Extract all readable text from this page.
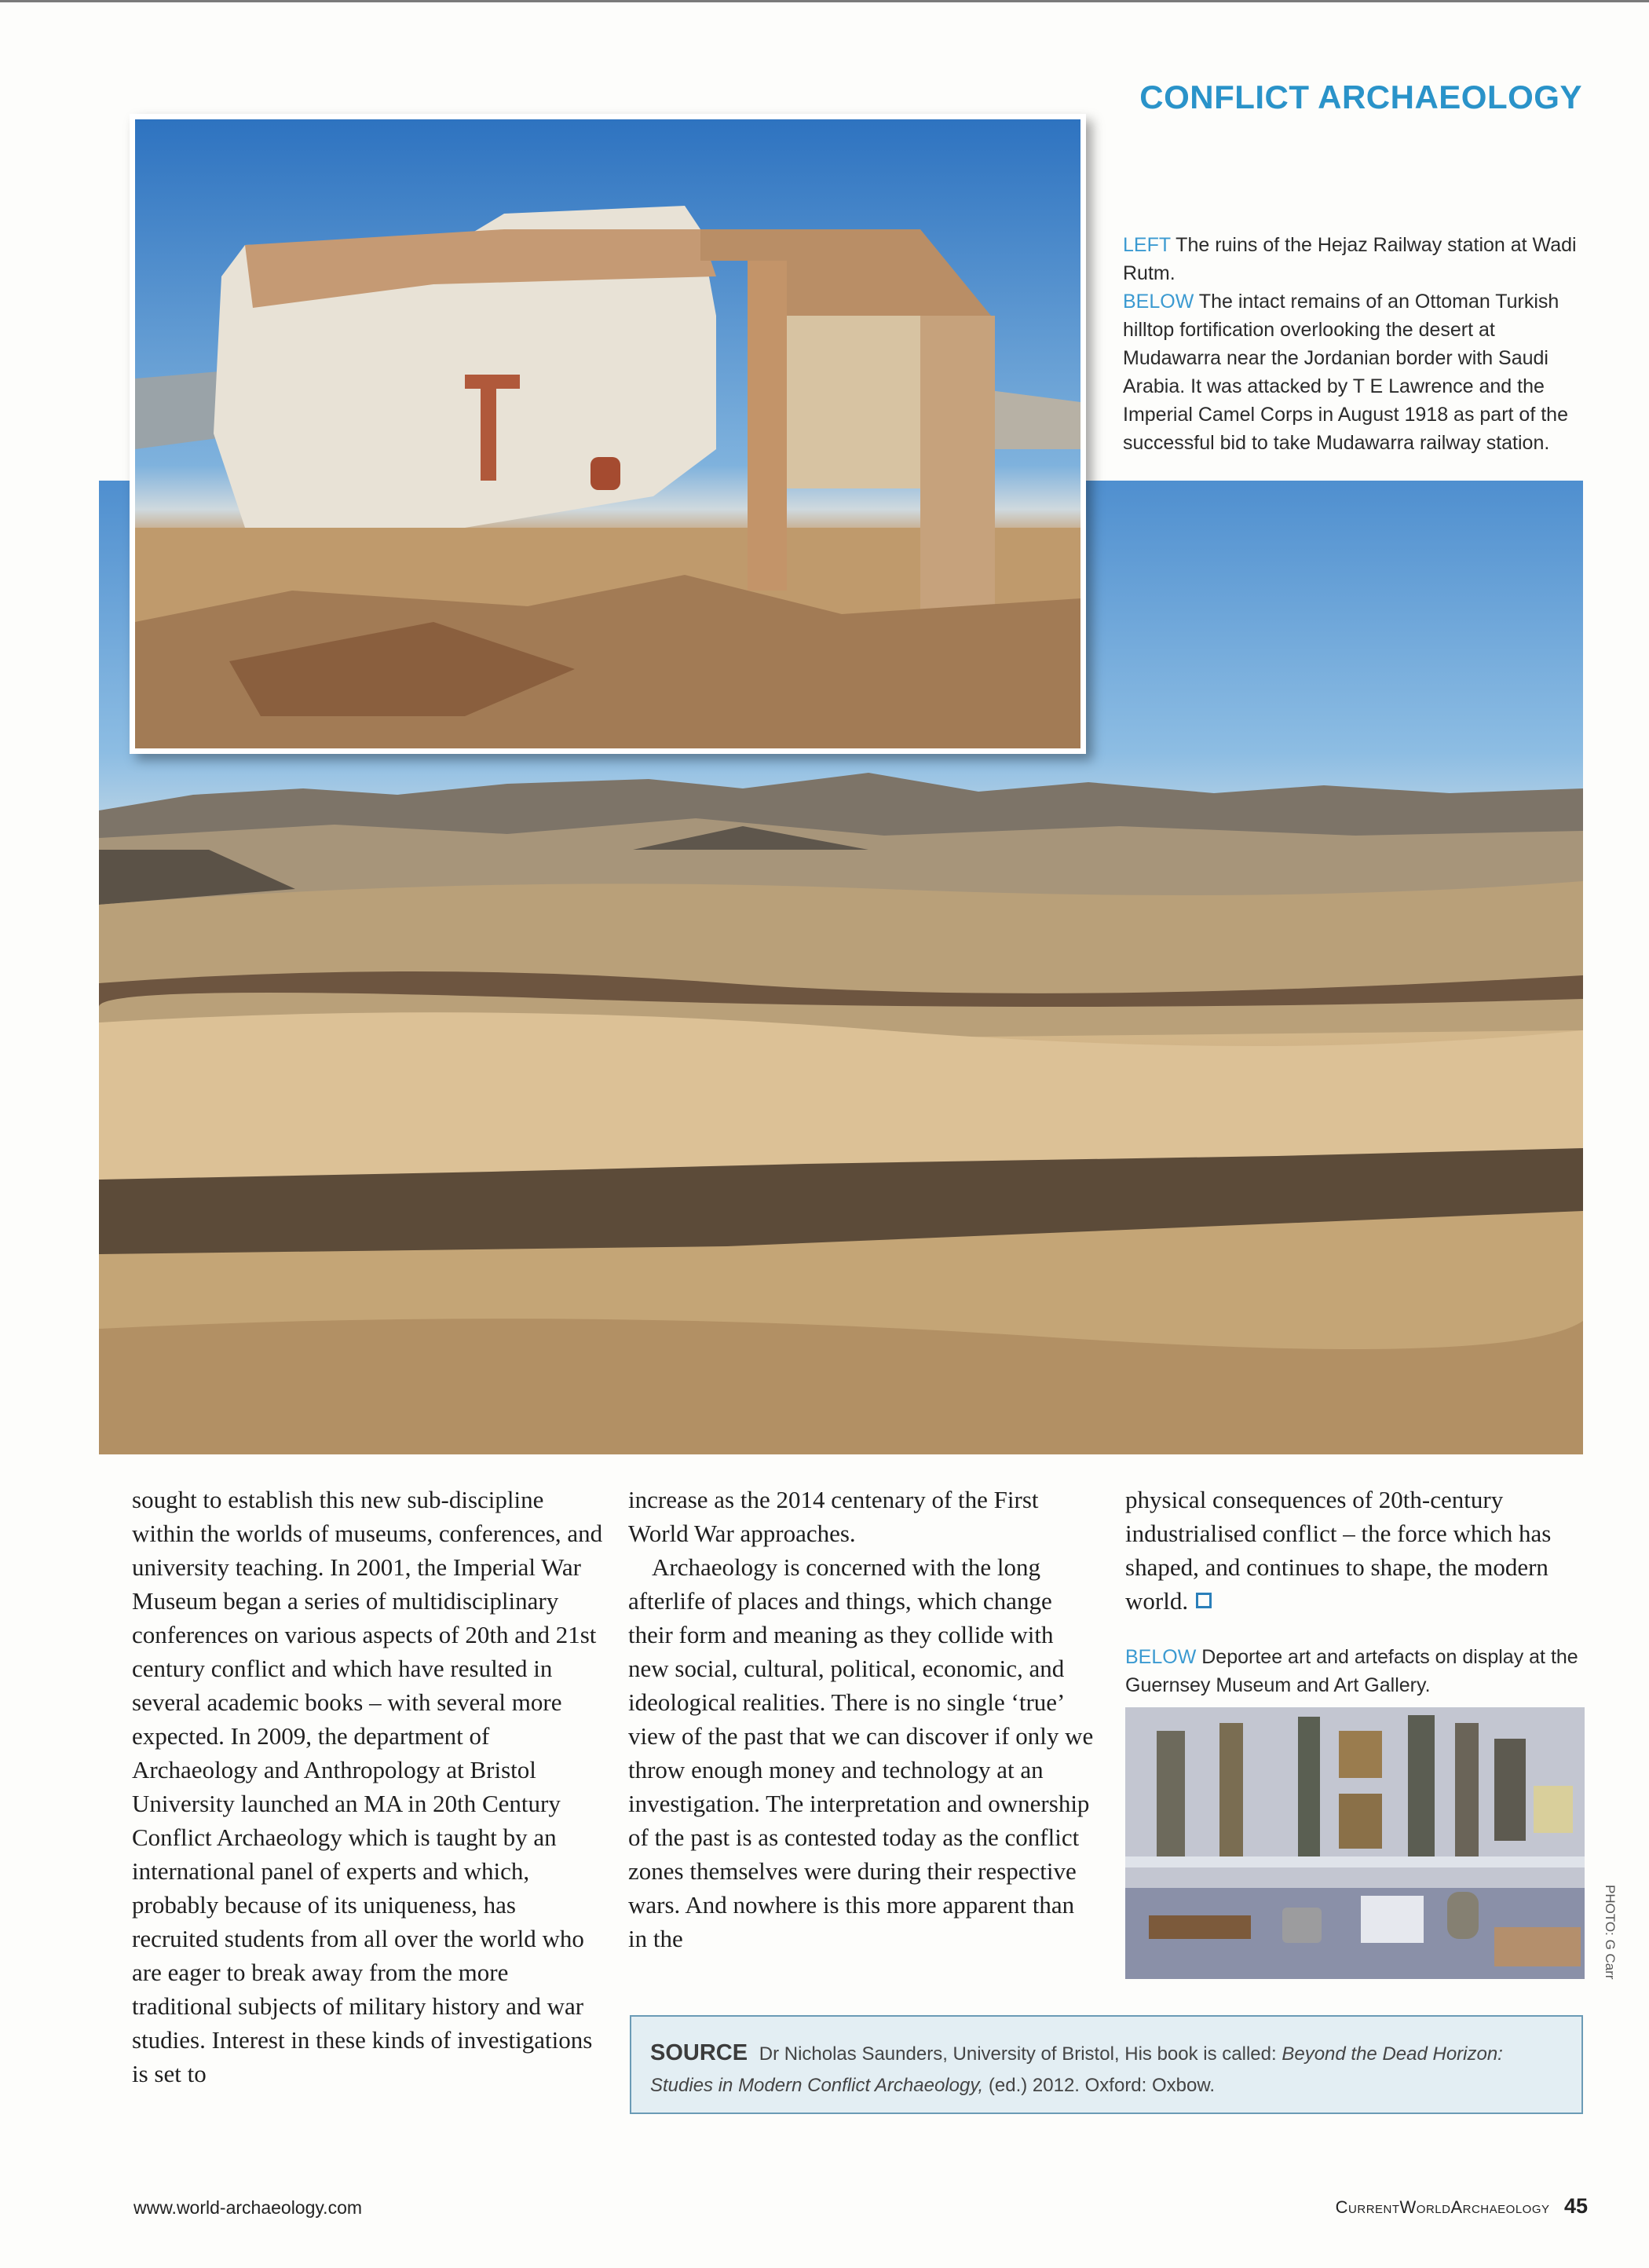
CONFLICT ARCHAEOLOGY
LEFT The ruins of the Hejaz Railway station at Wadi Rutm.
BELOW The intact remains of an Ottoman Turkish hilltop fortification overlooking the desert at Mudawarra near the Jordanian border with Saudi Arabia. It was attacked by T E Lawrence and the Imperial Camel Corps in August 1918 as part of the successful bid to take Mudawarra railway station.

sought to establish this new sub-discipline within the worlds of museums, conferences, and university teaching. In 2001, the Imperial War Museum began a series of multidisciplinary conferences on various aspects of 20th and 21st century conflict and which have resulted in several academic books – with several more expected. In 2009, the department of Archaeology and Anthropology at Bristol University launched an MA in 20th Century Conflict Archaeology which is taught by an international panel of experts and which, probably because of its uniqueness, has recruited students from all over the world who are eager to break away from the more traditional subjects of military history and war studies. Interest in these kinds of investigations is set to

increase as the 2014 centenary of the First World War approaches.

Archaeology is concerned with the long afterlife of places and things, which change their form and meaning as they collide with new social, cultural, political, economic, and ideological realities. There is no single ‘true’ view of the past that we can discover if only we throw enough money and technology at an investigation. The interpretation and ownership of the past is as contested today as the conflict zones themselves were during their respective wars. And nowhere is this more apparent than in the

physical consequences of 20th-century industrialised conflict – the force which has shaped, and continues to shape, the modern world.

BELOW Deportee art and artefacts on display at the Guernsey Museum and Art Gallery.
PHOTO: G Carr
SOURCE Dr Nicholas Saunders, University of Bristol, His book is called: Beyond the Dead Horizon: Studies in Modern Conflict Archaeology, (ed.) 2012. Oxford: Oxbow.
www.world-archaeology.com	CurrentWorldArchaeology 45
